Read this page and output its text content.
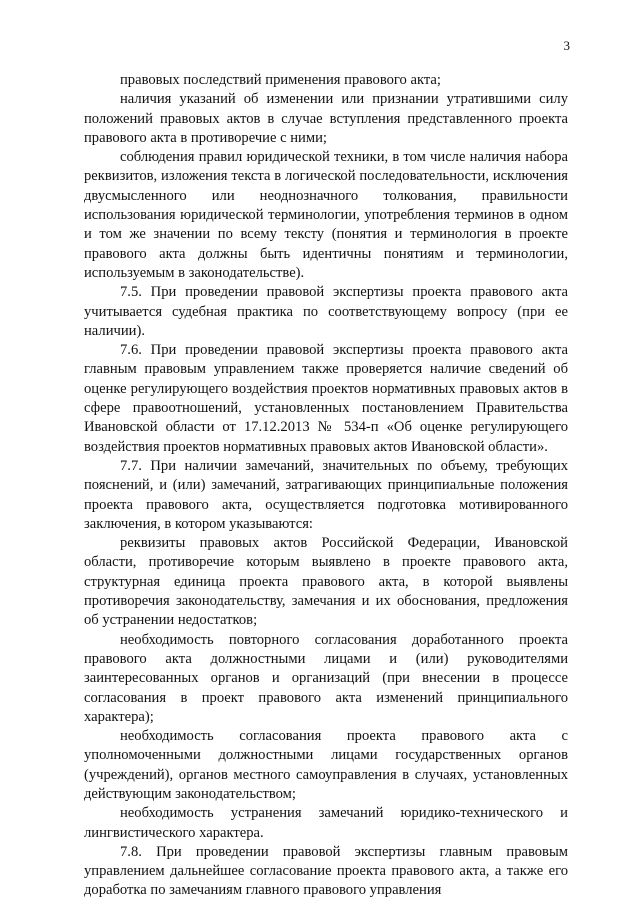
3

правовых последствий применения правового акта;

наличия указаний об изменении или признании утратившими силу положений правовых актов в случае вступления представленного проекта правового акта в противоречие с ними;

соблюдения правил юридической техники, в том числе наличия набора реквизитов, изложения текста в логической последовательности, исключения двусмысленного или неоднозначного толкования, правильности использования юридической терминологии, употребления терминов в одном и том же значении по всему тексту (понятия и терминология в проекте правового акта должны быть идентичны понятиям и терминологии, используемым в законодательстве).

7.5. При проведении правовой экспертизы проекта правового акта учитывается судебная практика по соответствующему вопросу (при ее наличии).

7.6. При проведении правовой экспертизы проекта правового акта главным правовым управлением также проверяется наличие сведений об оценке регулирующего воздействия проектов нормативных правовых актов в сфере правоотношений, установленных постановлением Правительства Ивановской области от 17.12.2013 № 534-п «Об оценке регулирующего воздействия проектов нормативных правовых актов Ивановской области».

7.7. При наличии замечаний, значительных по объему, требующих пояснений, и (или) замечаний, затрагивающих принципиальные положения проекта правового акта, осуществляется подготовка мотивированного заключения, в котором указываются:

реквизиты правовых актов Российской Федерации, Ивановской области, противоречие которым выявлено в проекте правового акта, структурная единица проекта правового акта, в которой выявлены противоречия законодательству, замечания и их обоснования, предложения об устранении недостатков;

необходимость повторного согласования доработанного проекта правового акта должностными лицами и (или) руководителями заинтересованных органов и организаций (при внесении в процессе согласования в проект правового акта изменений принципиального характера);

необходимость согласования проекта правового акта с уполномоченными должностными лицами государственных органов (учреждений), органов местного самоуправления в случаях, установленных действующим законодательством;

необходимость устранения замечаний юридико-технического и лингвистического характера.

7.8. При проведении правовой экспертизы главным правовым управлением дальнейшее согласование проекта правового акта, а также его доработка по замечаниям главного правового управления
